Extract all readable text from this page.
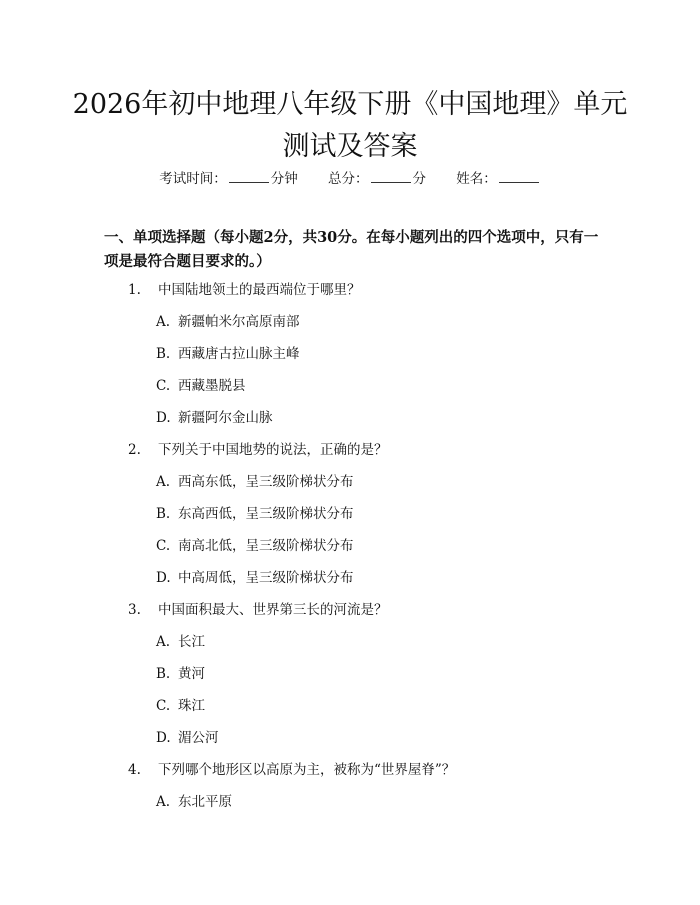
2026年初中地理八年级下册《中国地理》单元测试及答案
考试时间：	分钟 总分：	分 姓名：
一、单项选择题（每小题2分，共30分。在每小题列出的四个选项中，只有一项是最符合题目要求的。）
1. 中国陆地领土的最西端位于哪里？
A. 新疆帕米尔高原南部
B. 西藏唐古拉山脉主峰
C. 西藏墨脱县
D. 新疆阿尔金山脉
2. 下列关于中国地势的说法，正确的是？
A. 西高东低，呈三级阶梯状分布
B. 东高西低，呈三级阶梯状分布
C. 南高北低，呈三级阶梯状分布
D. 中高周低，呈三级阶梯状分布
3. 中国面积最大、世界第三长的河流是？
A. 长江
B. 黄河
C. 珠江
D. 湄公河
4. 下列哪个地形区以高原为主，被称为“世界屋脊”？
A. 东北平原
